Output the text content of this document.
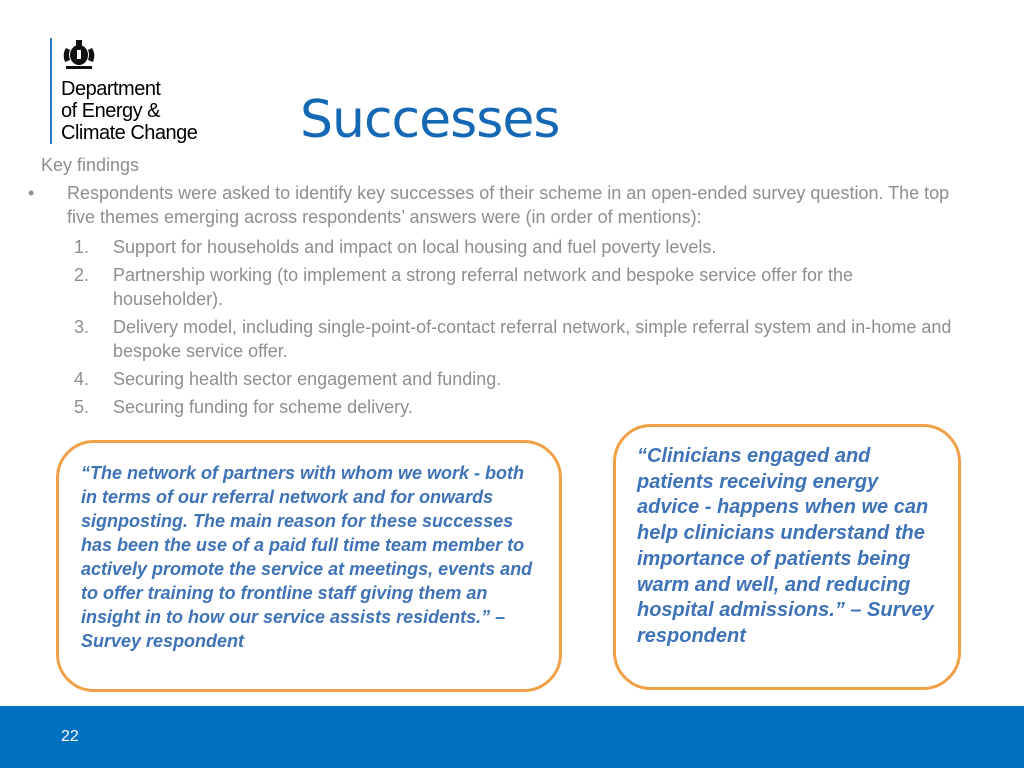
Department
of Energy &
Climate Change Successes

Key findings

• Respondents were asked to identify key successes of their scheme in an open-ended survey question. The top five themes emerging across respondents’ answers were (in order of mentions):
1. Support for households and impact on local housing and fuel poverty levels.
2. Partnership working (to implement a strong referral network and bespoke service offer for the householder).
3. Delivery model, including single-point-of-contact referral network, simple referral system and in-home and bespoke service offer.
4. Securing health sector engagement and funding.
5. Securing funding for scheme delivery.

“The network of partners with whom we work - both in terms of our referral network and for onwards signposting. The main reason for these successes has been the use of a paid full time team member to actively promote the service at meetings, events and to offer training to frontline staff giving them an insight in to how our service assists residents.” – Survey respondent

“Clinicians engaged and patients receiving energy advice - happens when we can help clinicians understand the importance of patients being warm and well, and reducing hospital admissions.” – Survey respondent

22
